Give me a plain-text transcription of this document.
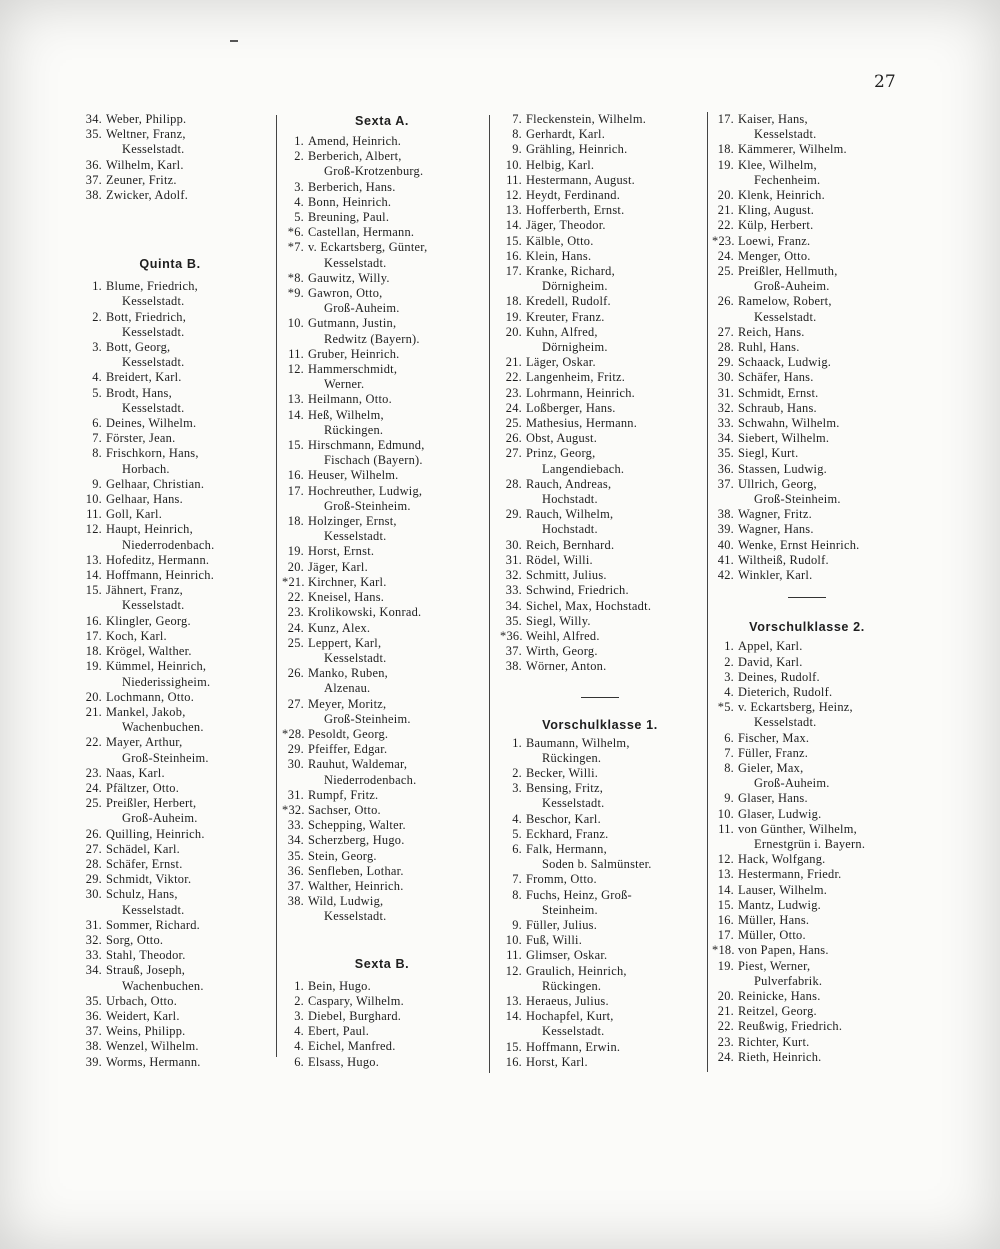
27
34. Weber, Philipp.
35. Weltner, Franz,
Kesselstadt.
36. Wilhelm, Karl.
37. Zeuner, Fritz.
38. Zwicker, Adolf.
Quinta B.
1. Blume, Friedrich,
Kesselstadt.
2. Bott, Friedrich,
Kesselstadt.
3. Bott, Georg,
Kesselstadt.
4. Breidert, Karl.
5. Brodt, Hans,
Kesselstadt.
6. Deines, Wilhelm.
7. Förster, Jean.
8. Frischkorn, Hans,
Horbach.
9. Gelhaar, Christian.
10. Gelhaar, Hans.
11. Goll, Karl.
12. Haupt, Heinrich,
Niederrodenbach.
13. Hofeditz, Hermann.
14. Hoffmann, Heinrich.
15. Jähnert, Franz,
Kesselstadt.
16. Klingler, Georg.
17. Koch, Karl.
18. Krögel, Walther.
19. Kümmel, Heinrich,
Niederissigheim.
20. Lochmann, Otto.
21. Mankel, Jakob,
Wachenbuchen.
22. Mayer, Arthur,
Groß-Steinheim.
23. Naas, Karl.
24. Pfältzer, Otto.
25. Preißler, Herbert,
Groß-Auheim.
26. Quilling, Heinrich.
27. Schädel, Karl.
28. Schäfer, Ernst.
29. Schmidt, Viktor.
30. Schulz, Hans,
Kesselstadt.
31. Sommer, Richard.
32. Sorg, Otto.
33. Stahl, Theodor.
34. Strauß, Joseph,
Wachenbuchen.
35. Urbach, Otto.
36. Weidert, Karl.
37. Weins, Philipp.
38. Wenzel, Wilhelm.
39. Worms, Hermann.
Sexta A.
1. Amend, Heinrich.
2. Berberich, Albert,
Groß-Krotzenburg.
3. Berberich, Hans.
4. Bonn, Heinrich.
5. Breuning, Paul.
*6. Castellan, Hermann.
*7. v. Eckartsberg, Günter,
Kesselstadt.
*8. Gauwitz, Willy.
*9. Gawron, Otto,
Groß-Auheim.
10. Gutmann, Justin,
Redwitz (Bayern).
11. Gruber, Heinrich.
12. Hammerschmidt,
Werner.
13. Heilmann, Otto.
14. Heß, Wilhelm,
Rückingen.
15. Hirschmann, Edmund,
Fischach (Bayern).
16. Heuser, Wilhelm.
17. Hochreuther, Ludwig,
Groß-Steinheim.
18. Holzinger, Ernst,
Kesselstadt.
19. Horst, Ernst.
20. Jäger, Karl.
*21. Kirchner, Karl.
22. Kneisel, Hans.
23. Krolikowski, Konrad.
24. Kunz, Alex.
25. Leppert, Karl,
Kesselstadt.
26. Manko, Ruben,
Alzenau.
27. Meyer, Moritz,
Groß-Steinheim.
*28. Pesoldt, Georg.
29. Pfeiffer, Edgar.
30. Rauhut, Waldemar,
Niederrodenbach.
31. Rumpf, Fritz.
*32. Sachser, Otto.
33. Schepping, Walter.
34. Scherzberg, Hugo.
35. Stein, Georg.
36. Senfleben, Lothar.
37. Walther, Heinrich.
38. Wild, Ludwig,
Kesselstadt.
Sexta B.
1. Bein, Hugo.
2. Caspary, Wilhelm.
3. Diebel, Burghard.
4. Ebert, Paul.
4. Eichel, Manfred.
6. Elsass, Hugo.
7. Fleckenstein, Wilhelm.
8. Gerhardt, Karl.
9. Grähling, Heinrich.
10. Helbig, Karl.
11. Hestermann, August.
12. Heydt, Ferdinand.
13. Hofferberth, Ernst.
14. Jäger, Theodor.
15. Kälble, Otto.
16. Klein, Hans.
17. Kranke, Richard,
Dörnigheim.
18. Kredell, Rudolf.
19. Kreuter, Franz.
20. Kuhn, Alfred,
Dörnigheim.
21. Läger, Oskar.
22. Langenheim, Fritz.
23. Lohrmann, Heinrich.
24. Loßberger, Hans.
25. Mathesius, Hermann.
26. Obst, August.
27. Prinz, Georg,
Langendiebach.
28. Rauch, Andreas,
Hochstadt.
29. Rauch, Wilhelm,
Hochstadt.
30. Reich, Bernhard.
31. Rödel, Willi.
32. Schmitt, Julius.
33. Schwind, Friedrich.
34. Sichel, Max, Hochstadt.
35. Siegl, Willy.
*36. Weihl, Alfred.
37. Wirth, Georg.
38. Wörner, Anton.
Vorschulklasse 1.
1. Baumann, Wilhelm,
Rückingen.
2. Becker, Willi.
3. Bensing, Fritz,
Kesselstadt.
4. Beschor, Karl.
5. Eckhard, Franz.
6. Falk, Hermann,
Soden b. Salmünster.
7. Fromm, Otto.
8. Fuchs, Heinz, Groß-
Steinheim.
9. Füller, Julius.
10. Fuß, Willi.
11. Glimser, Oskar.
12. Graulich, Heinrich,
Rückingen.
13. Heraeus, Julius.
14. Hochapfel, Kurt,
Kesselstadt.
15. Hoffmann, Erwin.
16. Horst, Karl.
17. Kaiser, Hans,
Kesselstadt.
18. Kämmerer, Wilhelm.
19. Klee, Wilhelm,
Fechenheim.
20. Klenk, Heinrich.
21. Kling, August.
22. Külp, Herbert.
*23. Loewi, Franz.
24. Menger, Otto.
25. Preißler, Hellmuth,
Groß-Auheim.
26. Ramelow, Robert,
Kesselstadt.
27. Reich, Hans.
28. Ruhl, Hans.
29. Schaack, Ludwig.
30. Schäfer, Hans.
31. Schmidt, Ernst.
32. Schraub, Hans.
33. Schwahn, Wilhelm.
34. Siebert, Wilhelm.
35. Siegl, Kurt.
36. Stassen, Ludwig.
37. Ullrich, Georg,
Groß-Steinheim.
38. Wagner, Fritz.
39. Wagner, Hans.
40. Wenke, Ernst Heinrich.
41. Wiltheiß, Rudolf.
42. Winkler, Karl.
Vorschulklasse 2.
1. Appel, Karl.
2. David, Karl.
3. Deines, Rudolf.
4. Dieterich, Rudolf.
*5. v. Eckartsberg, Heinz,
Kesselstadt.
6. Fischer, Max.
7. Füller, Franz.
8. Gieler, Max,
Groß-Auheim.
9. Glaser, Hans.
10. Glaser, Ludwig.
11. von Günther, Wilhelm,
Ernestgrün i. Bayern.
12. Hack, Wolfgang.
13. Hestermann, Friedr.
14. Lauser, Wilhelm.
15. Mantz, Ludwig.
16. Müller, Hans.
17. Müller, Otto.
*18. von Papen, Hans.
19. Piest, Werner,
Pulverfabrik.
20. Reinicke, Hans.
21. Reitzel, Georg.
22. Reußwig, Friedrich.
23. Richter, Kurt.
24. Rieth, Heinrich.
